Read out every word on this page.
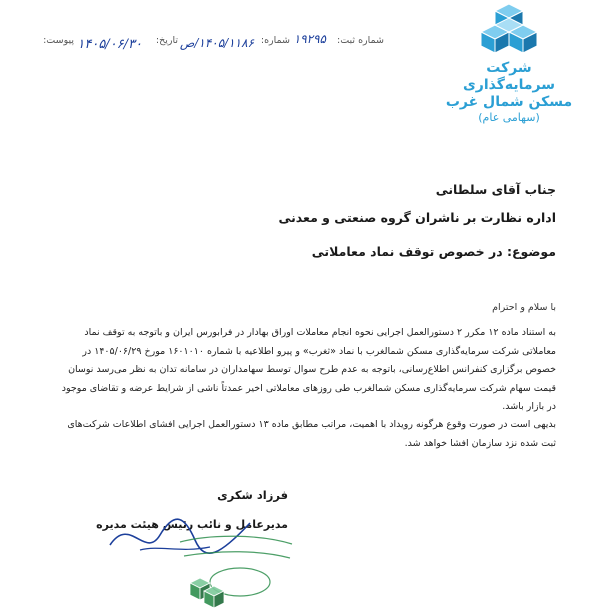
شرکت سرمایه‌گذاری
مسکن شمال غرب
(سهامی عام)
شماره ثبت:
۱۹۲۹۵
شماره:
۱۴۰۵/۱۱۸۶/ص
تاریخ:
۱۴۰۵/۰۶/۳۰
پیوست:
جناب آقای سلطانی
اداره نظارت بر ناشران گروه صنعتی و معدنی
موضوع: در خصوص توقف نماد معاملاتی
با سلام و احترام
به استناد ماده ۱۲ مکرر ۲ دستورالعمل اجرایی نحوه انجام معاملات اوراق بهادار در فرابورس ایران و باتوجه به توقف نماد معاملاتی شرکت سرمایه‌گذاری مسکن شمالغرب با نماد «ثغرب» و پیرو اطلاعیه با شماره ۱۶۰۱۰۱۰ مورخ ۱۴۰۵/۰۶/۲۹ در خصوص برگزاری کنفرانس اطلاع‌رسانی، باتوجه به عدم طرح سوال توسط سهامداران در سامانه تدان به نظر می‌رسد نوسان قیمت سهام شرکت سرمایه‌گذاری مسکن شمالغرب طی روزهای معاملاتی اخیر عمدتاً ناشی از شرایط عرضه و تقاضای موجود در بازار باشد.
بدیهی است در صورت وقوع هرگونه رویداد با اهمیت، مراتب مطابق ماده ۱۳ دستورالعمل اجرایی افشای اطلاعات شرکت‌های ثبت شده نزد سازمان افشا خواهد شد.
فرزاد شکری
مدیرعامل و نائب رئیس هیئت مدیره
